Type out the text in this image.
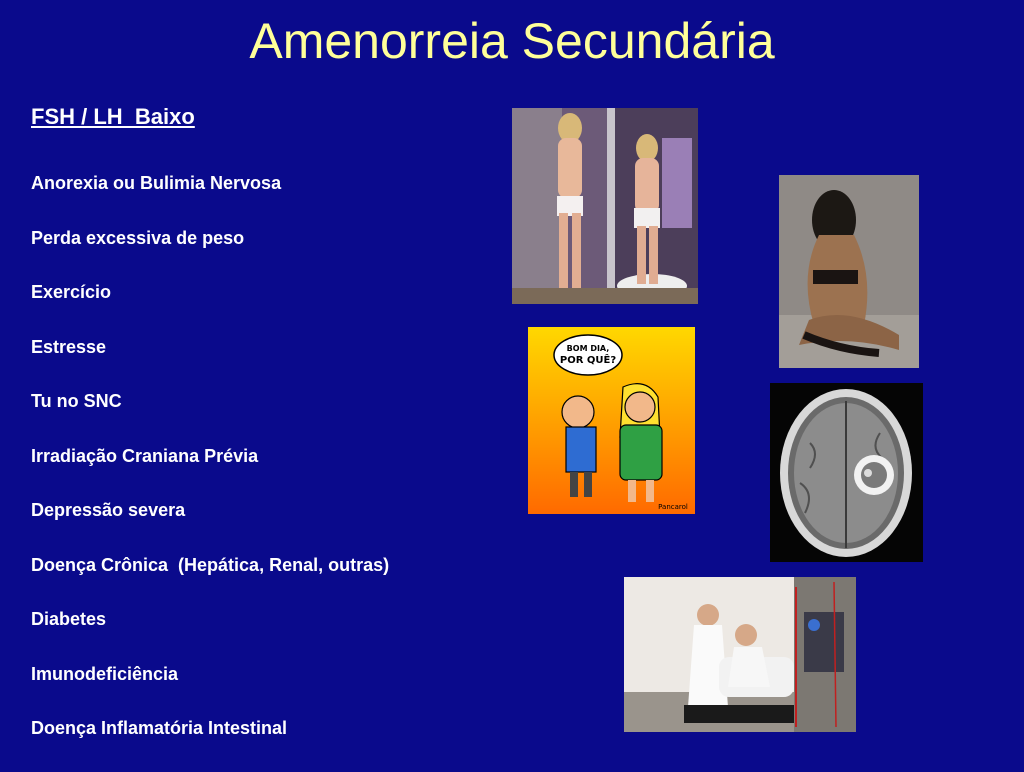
Amenorreia Secundária
FSH / LH  Baixo
Anorexia ou Bulimia Nervosa
Perda excessiva de peso
Exercício
Estresse
Tu no SNC
Irradiação Craniana Prévia
Depressão severa
Doença Crônica  (Hepática, Renal, outras)
Diabetes
Imunodeficiência
Doença Inflamatória Intestinal
BOM DIA,
POR QUÊ?
Pancarol
